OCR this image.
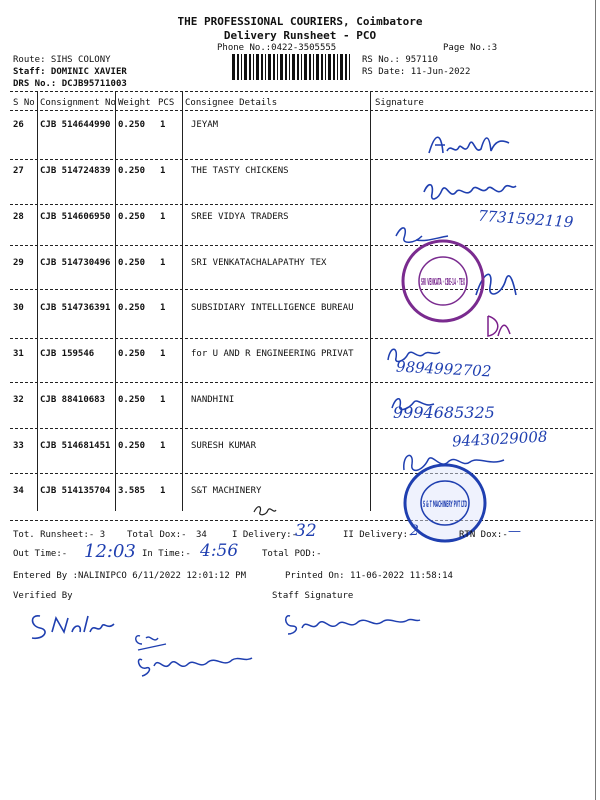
THE PROFESSIONAL COURIERS, Coimbatore
Delivery Runsheet - PCO
Phone No.:0422-3505555	Page No.:3
Route: SIHS COLONY
Staff: DOMINIC XAVIER
DRS No.: DCJB95711003
RS No.: 957110
RS Date: 11-Jun-2022
S No Consignment No Weight PCS Consignee Details	Signature
26 CJB 514644990 0.250 1	JEYAM
27 CJB 514724839 0.250 1	THE TASTY CHICKENS
28 CJB 514606950 0.250 1	SREE VIDYA TRADERS
29 CJB 514730496 0.250 1	SRI VENKATACHALAPATHY TEX
30 CJB 514736391 0.250 1	SUBSIDIARY INTELLIGENCE BUREAU
31 CJB 159546	0.250 1	for U AND R ENGINEERING PRIVAT
32 CJB 88410683 0.250 1	NANDHINI
33 CJB 514681451 0.250 1	SURESH KUMAR
34 CJB 514135704 3.585 1	S&T MACHINERY
7731592119
9894992702
9994685325
9443029008
SRI VENKATA · CBE-14 · TEX
S & T MACHINERY PVT LTD
Tot. Runsheet:- 3 Total Dox:- 34	I Delivery:-
32	II Delivery:-
2	RTN Dox:- —
Out Time:- 12:03 In Time:- 4:56	Total POD:-
Entered By :NALINIPCO 6/11/2022 12:01:12 PM	Printed On: 11-06-2022 11:58:14
Verified By	Staff Signature
